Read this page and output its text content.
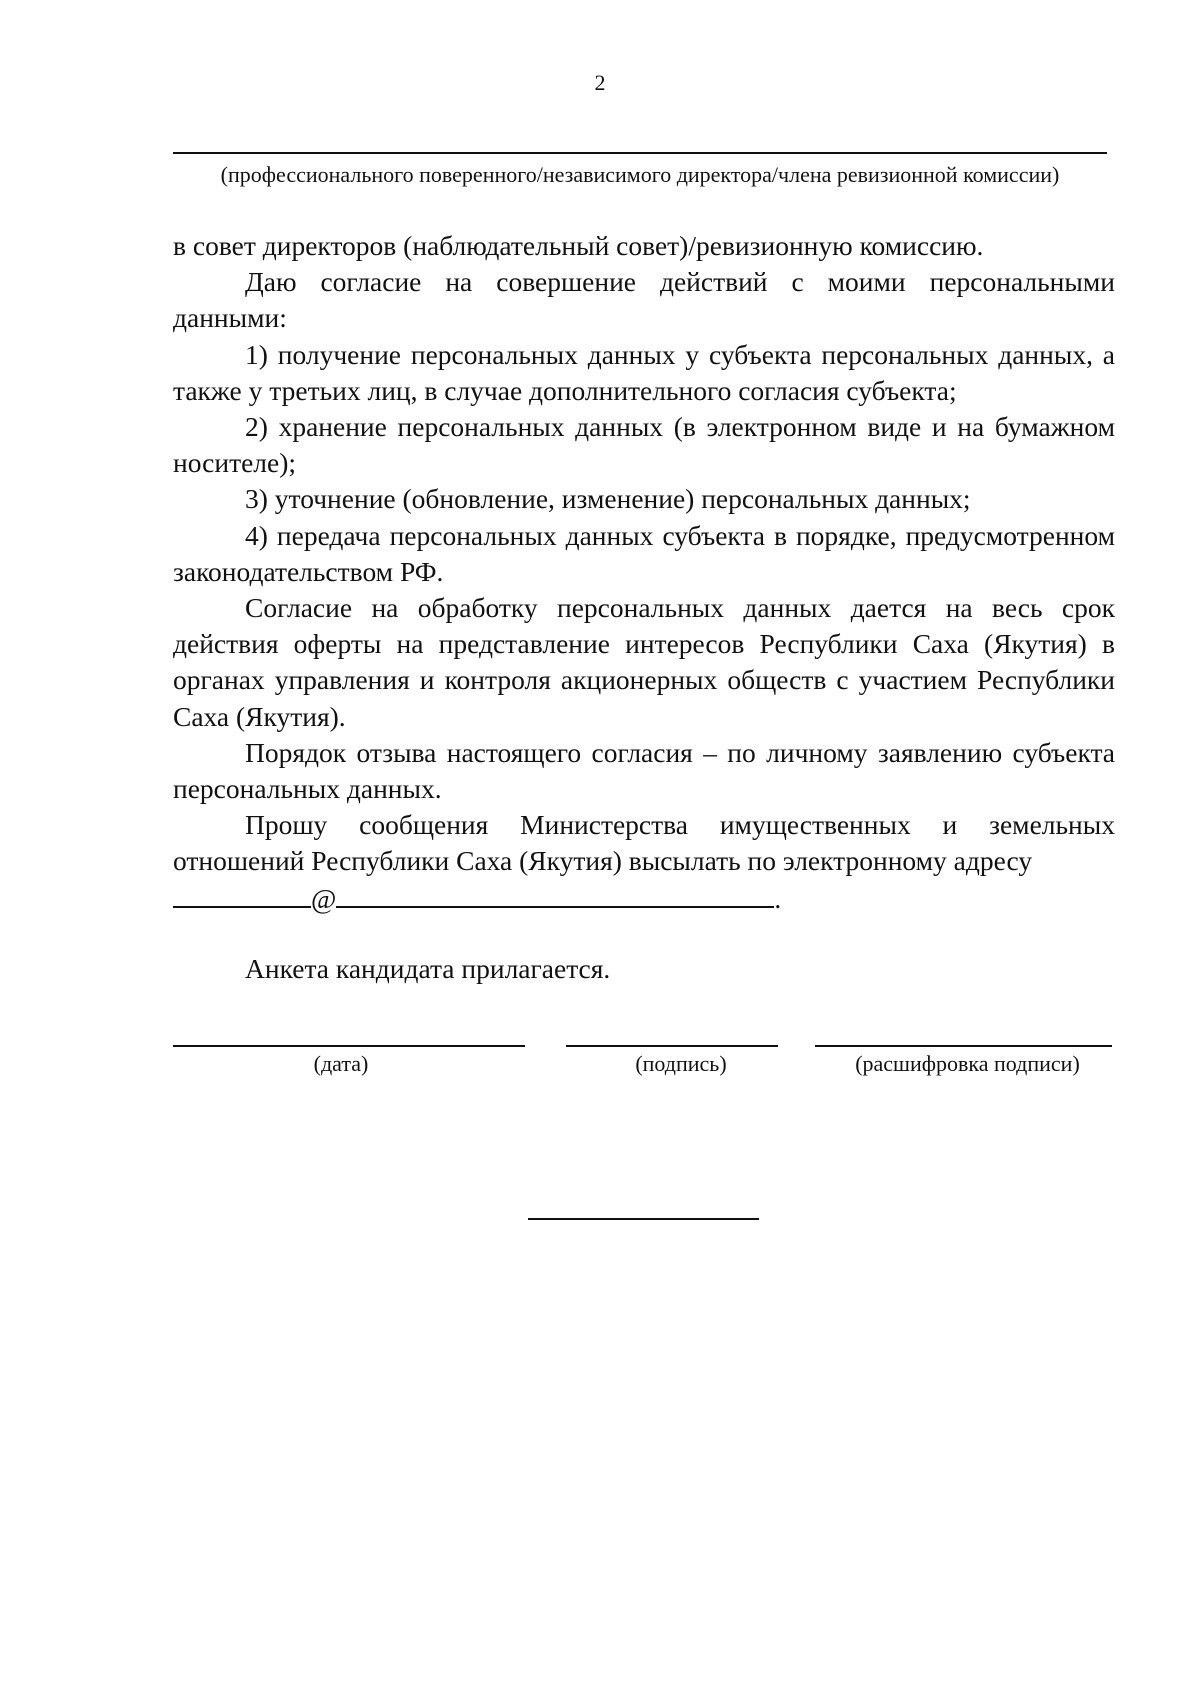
2
(профессионального поверенного/независимого директора/члена ревизионной комиссии)

в совет директоров (наблюдательный совет)/ревизионную комиссию.

Даю согласие на совершение действий с моими персональными данными:

1) получение персональных данных у субъекта персональных данных, а также у третьих лиц, в случае дополнительного согласия субъекта;

2) хранение персональных данных (в электронном виде и на бумажном носителе);

3) уточнение (обновление, изменение) персональных данных;

4) передача персональных данных субъекта в порядке, предусмотренном законодательством РФ.

Согласие на обработку персональных данных дается на весь срок действия оферты на представление интересов Республики Саха (Якутия) в органах управления и контроля акционерных обществ с участием Республики Саха (Якутия).

Порядок отзыва настоящего согласия – по личному заявлению субъекта персональных данных.

Прошу сообщения Министерства имущественных и земельных отношений Республики Саха (Якутия) высылать по электронному адресу

@	.

Анкета кандидата прилагается.
(дата)	(подпись)	(расшифровка подписи)
